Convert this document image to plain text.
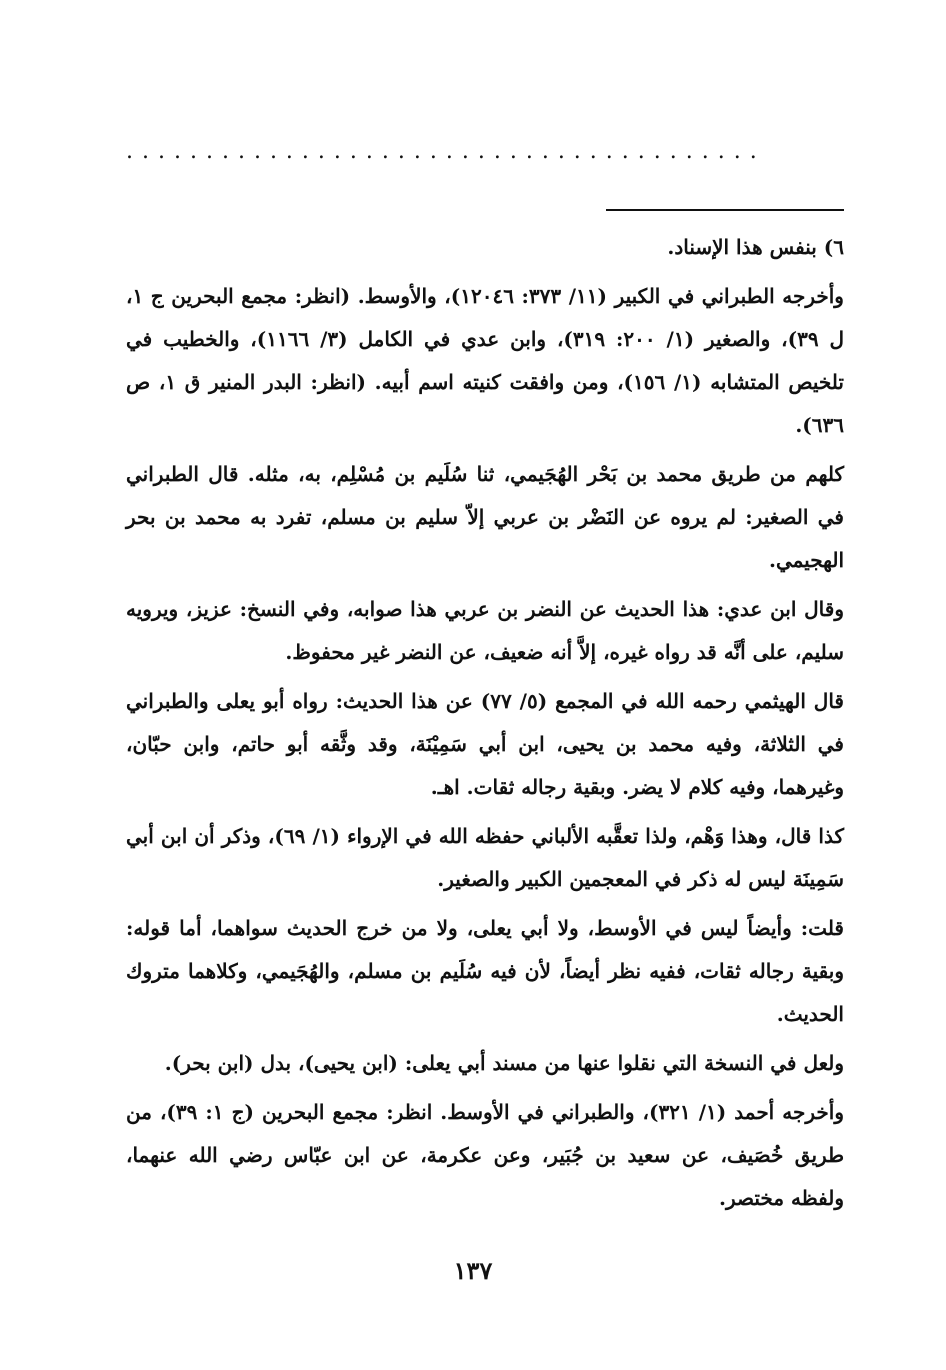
........................................

٦) بنفس هذا الإسناد.

وأخرجه الطبراني في الكبير (١١/ ٣٧٣: ١٢٠٤٦)، والأوسط. (انظر: مجمع البحرين ج ١، ل ٣٩)، والصغير (١/ ٢٠٠: ٣١٩)، وابن عدي في الكامل (٣/ ١١٦٦)، والخطيب في تلخيص المتشابه (١/ ١٥٦)، ومن وافقت كنيته اسم أبيه. (انظر: البدر المنير ق ١، ص ٦٣٦).

كلهم من طريق محمد بن بَحْر الهُجَيمي، ثنا سُلَيم بن مُسْلِم، به، مثله. قال الطبراني في الصغير: لم يروه عن النَضْر بن عربي إلاّ سليم بن مسلم، تفرد به محمد بن بحر الهجيمي.

وقال ابن عدي: هذا الحديث عن النضر بن عربي هذا صوابه، وفي النسخ: عزيز، ويرويه سليم، على أنَّه قد رواه غيره، إلاَّ أنه ضعيف، عن النضر غير محفوظ.

قال الهيثمي رحمه الله في المجمع (٥/ ٧٧) عن هذا الحديث: رواه أبو يعلى والطبراني في الثلاثة، وفيه محمد بن يحيى، ابن أبي سَمِيْنَة، وقد وثَّقه أبو حاتم، وابن حبّان، وغيرهما، وفيه كلام لا يضر. وبقية رجاله ثقات. اهـ.

كذا قال، وهذا وَهْم، ولذا تعقَّبه الألباني حفظه الله في الإرواء (١/ ٦٩)، وذكر أن ابن أبي سَمِينَة ليس له ذكر في المعجمين الكبير والصغير.

قلت: وأيضاً ليس في الأوسط، ولا أبي يعلى، ولا من خرج الحديث سواهما، أما قوله: وبقية رجاله ثقات، ففيه نظر أيضاً، لأن فيه سُلَيم بن مسلم، والهُجَيمي، وكلاهما متروك الحديث.

ولعل في النسخة التي نقلوا عنها من مسند أبي يعلى: (ابن يحيى)، بدل (ابن بحر).

وأخرجه أحمد (١/ ٣٢١)، والطبراني في الأوسط. انظر: مجمع البحرين (ج ١: ٣٩)، من طريق خُصَيف، عن سعيد بن جُبَير، وعن عكرمة، عن ابن عبّاس رضي الله عنهما، ولفظه مختصر.

١٣٧
